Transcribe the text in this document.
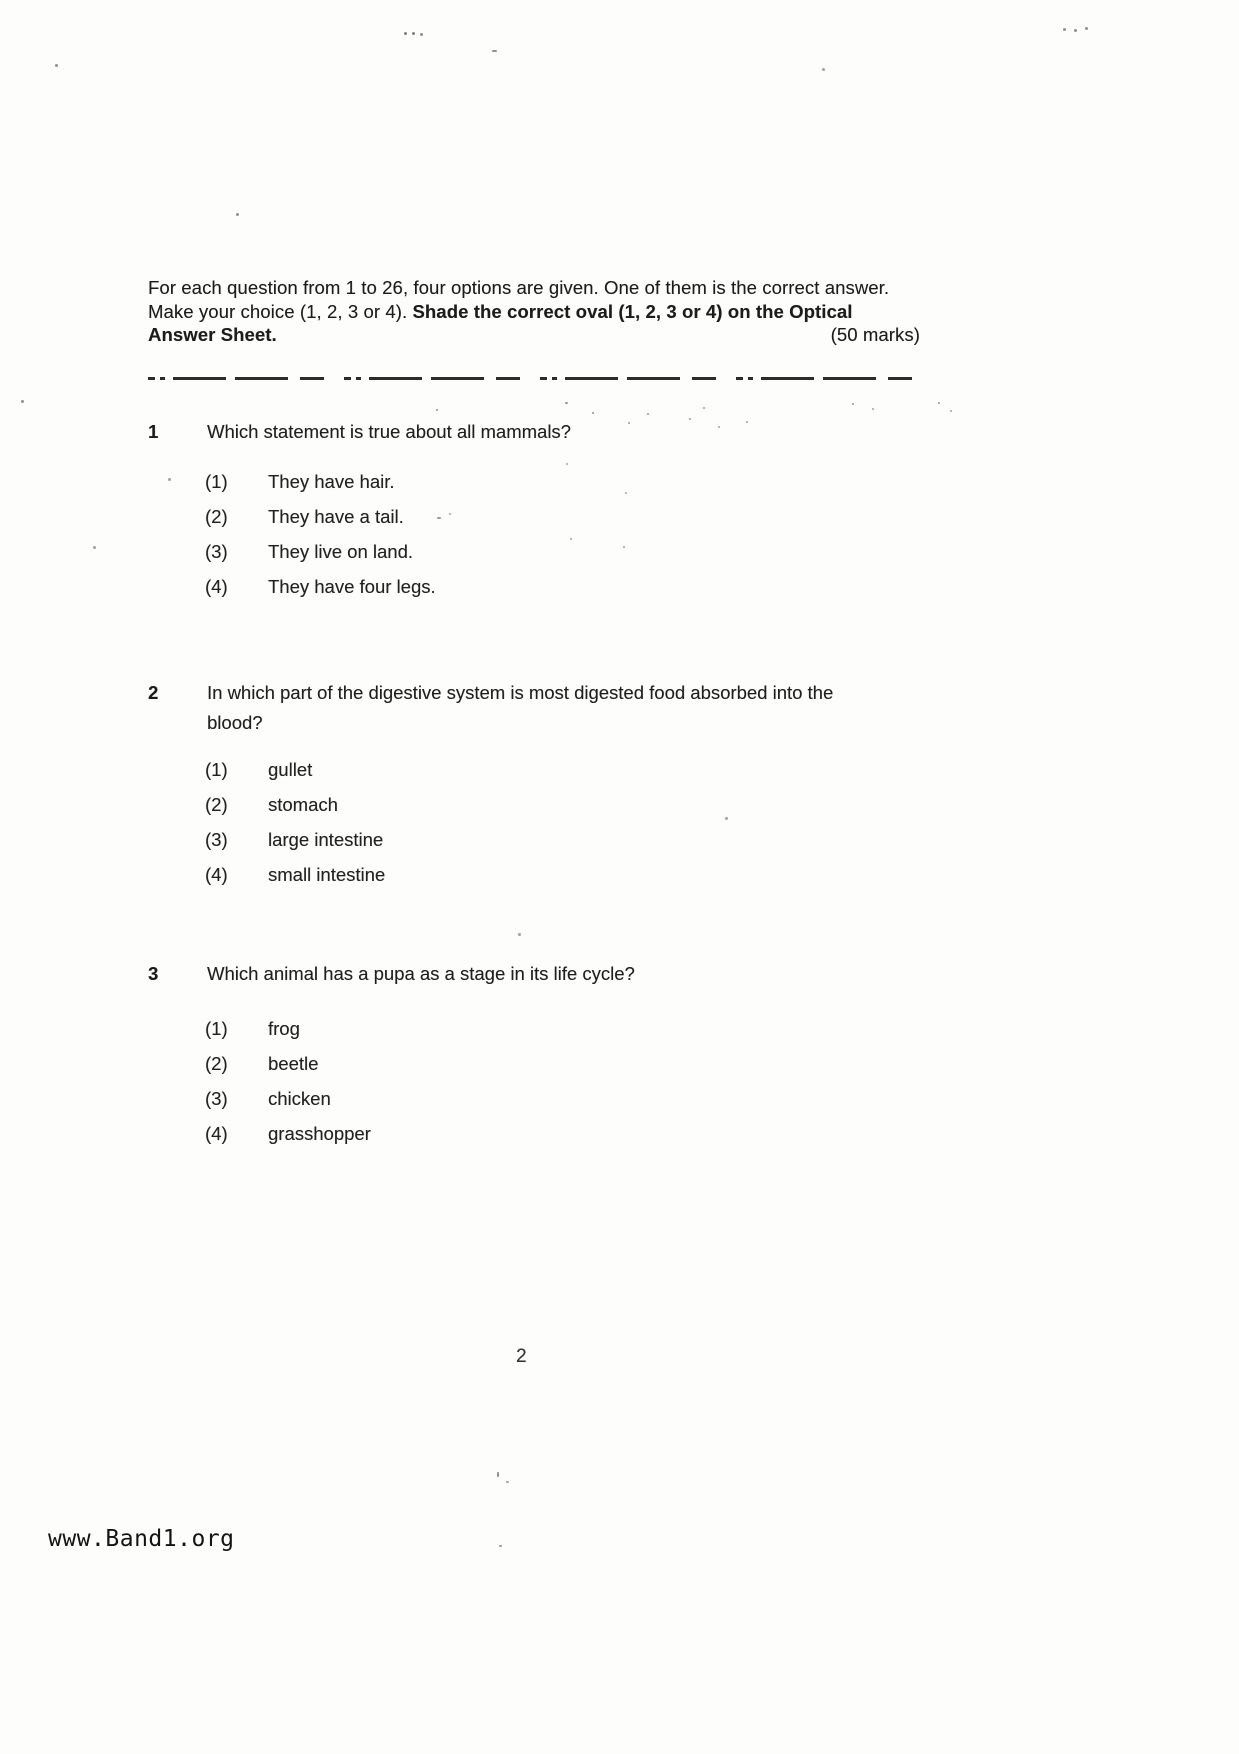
For each question from 1 to 26, four options are given. One of them is the correct answer.
Make your choice (1, 2, 3 or 4). Shade the correct oval (1, 2, 3 or 4) on the Optical
Answer Sheet.	(50 marks)
1	Which statement is true about all mammals?
(1)	They have hair.
(2)	They have a tail.
(3)	They live on land.
(4)	They have four legs.
2	In which part of the digestive system is most digested food absorbed into the blood?
(1)	gullet
(2)	stomach
(3)	large intestine
(4)	small intestine
3	Which animal has a pupa as a stage in its life cycle?
(1)	frog
(2)	beetle
(3)	chicken
(4)	grasshopper
2
www.Band1.org
